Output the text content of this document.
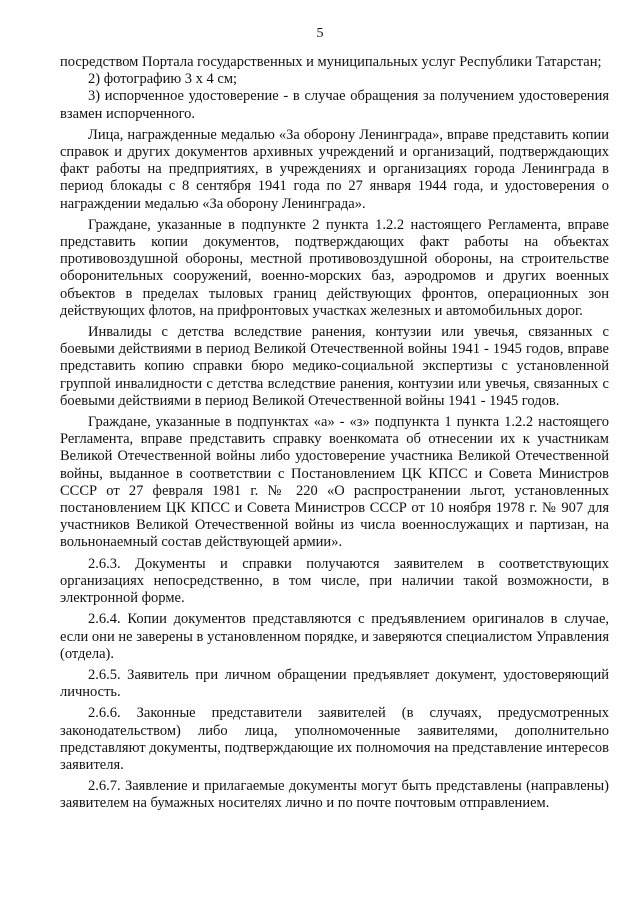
5

посредством Портала государственных и муниципальных услуг Республики Татарстан;

2) фотографию 3 х 4 см;

3) испорченное удостоверение - в случае обращения за получением удостоверения взамен испорченного.

Лица, награжденные медалью «За оборону Ленинграда», вправе представить копии справок и других документов архивных учреждений и организаций, подтверждающих факт работы на предприятиях, в учреждениях и организациях города Ленинграда в период блокады с 8 сентября 1941 года по 27 января 1944 года, и удостоверения о награждении медалью «За оборону Ленинграда».

Граждане, указанные в подпункте 2 пункта 1.2.2 настоящего Регламента, вправе представить копии документов, подтверждающих факт работы на объектах противовоздушной обороны, местной противовоздушной обороны, на строительстве оборонительных сооружений, военно-морских баз, аэродромов и других военных объектов в пределах тыловых границ действующих фронтов, операционных зон действующих флотов, на прифронтовых участках железных и автомобильных дорог.

Инвалиды с детства вследствие ранения, контузии или увечья, связанных с боевыми действиями в период Великой Отечественной войны 1941 - 1945 годов, вправе представить копию справки бюро медико-социальной экспертизы с установленной группой инвалидности с детства вследствие ранения, контузии или увечья, связанных с боевыми действиями в период Великой Отечественной войны 1941 - 1945 годов.

Граждане, указанные в подпунктах «а» - «з» подпункта 1 пункта 1.2.2 настоящего Регламента, вправе представить справку военкомата об отнесении их к участникам Великой Отечественной войны либо удостоверение участника Великой Отечественной войны, выданное в соответствии с Постановлением ЦК КПСС и Совета Министров СССР от 27 февраля 1981 г. № 220 «О распространении льгот, установленных постановлением ЦК КПСС и Совета Министров СССР от 10 ноября 1978 г. № 907 для участников Великой Отечественной войны из числа военнослужащих и партизан, на вольнонаемный состав действующей армии».

2.6.3. Документы и справки получаются заявителем в соответствующих организациях непосредственно, в том числе, при наличии такой возможности, в электронной форме.

2.6.4. Копии документов представляются с предъявлением оригиналов в случае, если они не заверены в установленном порядке, и заверяются специалистом Управления (отдела).

2.6.5. Заявитель при личном обращении предъявляет документ, удостоверяющий личность.

2.6.6. Законные представители заявителей (в случаях, предусмотренных законодательством) либо лица, уполномоченные заявителями, дополнительно представляют документы, подтверждающие их полномочия на представление интересов заявителя.

2.6.7. Заявление и прилагаемые документы могут быть представлены (направлены) заявителем на бумажных носителях лично и по почте почтовым отправлением.
